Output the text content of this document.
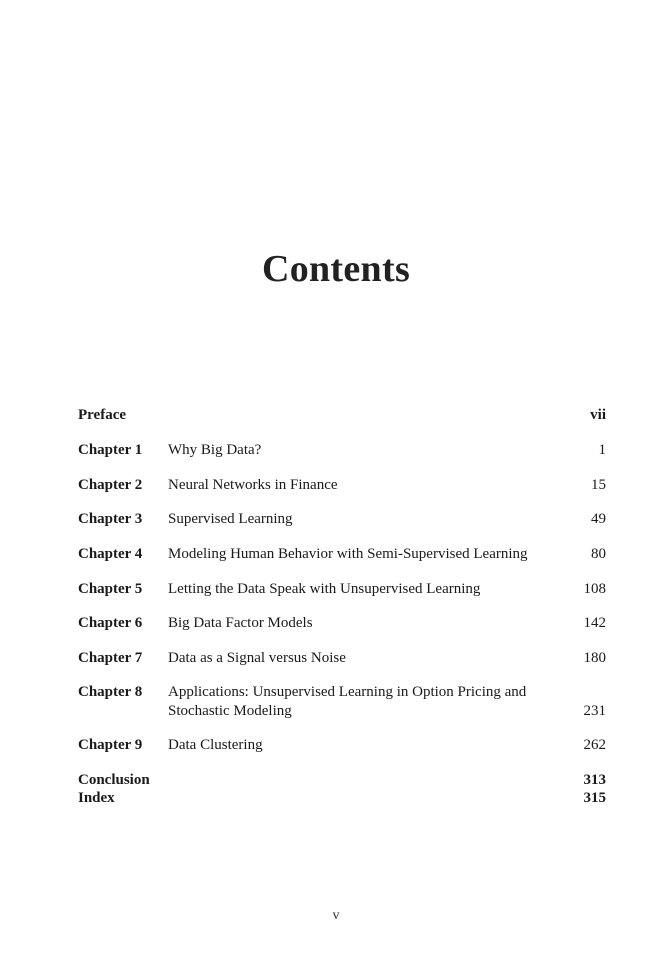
Contents
Preface	vii
Chapter 1 Why Big Data?	1
Chapter 2 Neural Networks in Finance	15
Chapter 3 Supervised Learning	49
Chapter 4 Modeling Human Behavior with Semi-Supervised Learning	80
Chapter 5 Letting the Data Speak with Unsupervised Learning	108
Chapter 6 Big Data Factor Models	142
Chapter 7 Data as a Signal versus Noise	180
Chapter 8 Applications: Unsupervised Learning in Option Pricing and Stochastic Modeling	231
Chapter 9 Data Clustering	262
Conclusion	313
Index	315
v
